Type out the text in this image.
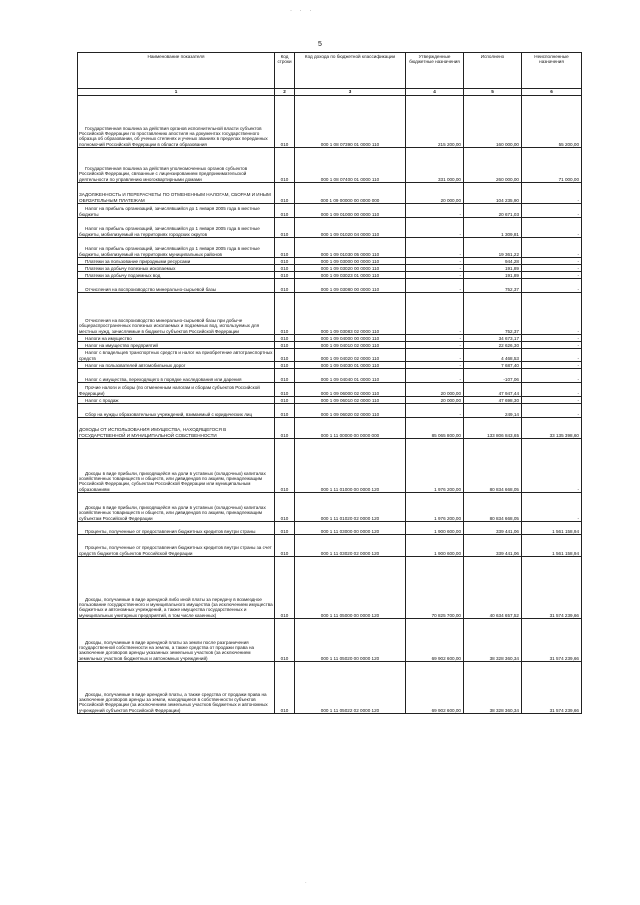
· · ·
5
Наименование показателя	Код строки	Код дохода по бюджетной классификации	Утвержденные бюджетные назначения	Исполнено	Неисполненные назначения
1	2	3	4	5	6
Государственная пошлина за действия органов исполнительной власти субъектов Российской Федерации по проставлению апостиля на документах государственного образца об образовании, об ученых степенях и ученых званиях в пределах переданных полномочий Российской Федерации в области образования	010	000 1 08 07390 01 0000 110	215 200,00	160 000,00	55 200,00
Государственная пошлина за действия уполномоченных органов субъектов Российской Федерации, связанные с лицензированием предпринимательской деятельности по управлению многоквартирными домами	010	000 1 08 07400 01 0000 110	331 000,00	260 000,00	71 000,00
ЗАДОЛЖЕННОСТЬ И ПЕРЕРАСЧЕТЫ ПО ОТМЕНЕННЫМ НАЛОГАМ, СБОРАМ И ИНЫМ ОБЯЗАТЕЛЬНЫМ ПЛАТЕЖАМ	010	000 1 09 00000 00 0000 000	20 000,00	104 235,90	-
Налог на прибыль организаций, зачислявшийся до 1 января 2005 года в местные бюджеты	010	000 1 09 01000 00 0000 110	-	20 671,03	-
Налог на прибыль организаций, зачислявшийся до 1 января 2005 года в местные бюджеты, мобилизуемый на территориях городских округов	010	000 1 09 01020 04 0000 110	-	1 309,81	-
Налог на прибыль организаций, зачислявшийся до 1 января 2005 года в местные бюджеты, мобилизуемый на территориях муниципальных районов	010	000 1 09 01030 05 0000 110	-	19 361,22	-
Платежи за пользование природными ресурсами	010	000 1 09 03000 00 0000 110	-	944,28	-
Платежи за добычу полезных ископаемых	010	000 1 09 03020 00 0000 110	-	191,89	-
Платежи за добычу подземных вод	010	000 1 09 03023 01 0000 110	-	191,89	-
Отчисления на воспроизводство минерально-сырьевой базы	010	000 1 09 03080 00 0000 110	-	752,37	-
Отчисления на воспроизводство минерально-сырьевой базы при добыче общераспространенных полезных ископаемых и подземных вод, используемых для местных нужд, зачисляемые в бюджеты субъектов Российской Федерации	010	000 1 09 03083 02 0000 110	-	752,37	-
Налоги на имущество	010	000 1 09 04000 00 0000 110	-	34 673,17	-
Налог на имущество предприятий	010	000 1 09 04010 02 0000 110	-	22 626,30	-
Налог с владельцев транспортных средств и налог на приобретение автотранспортных средств	010	000 1 09 04020 02 0000 110	-	4 468,53	-
Налог на пользователей автомобильных дорог	010	000 1 09 04030 01 0000 110	-	7 687,40	-
Налог с имущества, переходящего в порядке наследования или дарения	010	000 1 09 04040 01 0000 110	-	-107,06	-
Прочие налоги и сборы (по отмененным налогам и сборам субъектов Российской Федерации)	010	000 1 09 06000 02 0000 110	20 000,00	47 947,44	-
Налог с продаж	010	000 1 09 06010 02 0000 110	20 000,00	47 698,30	-
Сбор на нужды образовательных учреждений, взимаемый с юридических лиц	010	000 1 09 06020 02 0000 110	-	249,14	-
ДОХОДЫ ОТ ИСПОЛЬЗОВАНИЯ ИМУЩЕСТВА, НАХОДЯЩЕГОСЯ В ГОСУДАРСТВЕННОЙ И МУНИЦИПАЛЬНОЙ СОБСТВЕННОСТИ	010	000 1 11 00000 00 0000 000	85 065 800,00	133 806 843,65	33 135 398,60
Доходы в виде прибыли, приходящейся на доли в уставных (складочных) капиталах хозяйственных товариществ и обществ, или дивидендов по акциям, принадлежащим Российской Федерации, субъектам Российской Федерации или муниципальным образованиям	010	000 1 11 01000 00 0000 120	1 976 200,00	80 834 668,05	-
Доходы в виде прибыли, приходящейся на доли в уставных (складочных) капиталах хозяйственных товариществ и обществ, или дивидендов по акциям, принадлежащим субъектам Российской Федерации	010	000 1 11 01020 02 0000 120	1 976 200,00	80 834 668,05	-
Проценты, полученные от предоставления бюджетных кредитов внутри страны	010	000 1 11 03000 00 0000 120	1 900 600,00	339 441,06	1 561 158,94
Проценты, полученные от предоставления бюджетных кредитов внутри страны за счет средств бюджетов субъектов Российской Федерации	010	000 1 11 03020 02 0000 120	1 900 600,00	339 441,06	1 561 158,94
Доходы, получаемые в виде арендной либо иной платы за передачу в возмездное пользование государственного и муниципального имущества (за исключением имущества бюджетных и автономных учреждений, а также имущества государственных и муниципальных унитарных предприятий, в том числе казенных)	010	000 1 11 05000 00 0000 120	70 825 700,00	40 634 657,52	31 574 239,66
Доходы, получаемые в виде арендной платы за земли после разграничения государственной собственности на землю, а также средства от продажи права на заключение договоров аренды указанных земельных участков (за исключением земельных участков бюджетных и автономных учреждений)	010	000 1 11 05020 00 0000 120	69 902 600,00	38 328 360,34	31 574 239,66
Доходы, получаемые в виде арендной платы, а также средства от продажи права на заключение договоров аренды за земли, находящиеся в собственности субъектов Российской Федерации (за исключением земельных участков бюджетных и автономных учреждений субъектов Российской Федерации)	010	000 1 11 05022 02 0000 120	69 902 600,00	38 328 360,34	31 574 239,66
·
